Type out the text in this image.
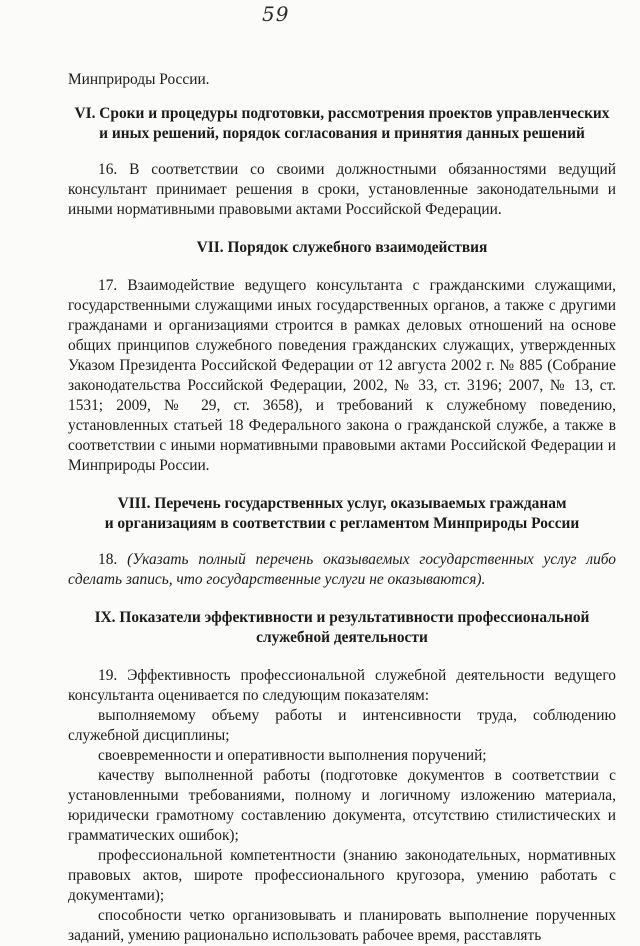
59

Минприроды России.

VI. Сроки и процедуры подготовки, рассмотрения проектов управленческих

и иных решений, порядок согласования и принятия данных решений

16. В соответствии со своими должностными обязанностями ведущий консультант принимает решения в сроки, установленные законодательными и иными нормативными правовыми актами Российской Федерации.

VII. Порядок служебного взаимодействия

17. Взаимодействие ведущего консультанта с гражданскими служащими, государственными служащими иных государственных органов, а также с другими гражданами и организациями строится в рамках деловых отношений на основе общих принципов служебного поведения гражданских служащих, утвержденных Указом Президента Российской Федерации от 12 августа 2002 г. № 885 (Собрание законодательства Российской Федерации, 2002, № 33, ст. 3196; 2007, № 13, ст. 1531; 2009, № 29, ст. 3658), и требований к служебному поведению, установленных статьей 18 Федерального закона о гражданской службе, а также в соответствии с иными нормативными правовыми актами Российской Федерации и Минприроды России.

VIII. Перечень государственных услуг, оказываемых гражданам

и организациям в соответствии с регламентом Минприроды России

18. (Указать полный перечень оказываемых государственных услуг либо сделать запись, что государственные услуги не оказываются).

IX. Показатели эффективности и результативности профессиональной

служебной деятельности

19. Эффективность профессиональной служебной деятельности ведущего консультанта оценивается по следующим показателям:

выполняемому объему работы и интенсивности труда, соблюдению служебной дисциплины;

своевременности и оперативности выполнения поручений;

качеству выполненной работы (подготовке документов в соответствии с установленными требованиями, полному и логичному изложению материала, юридически грамотному составлению документа, отсутствию стилистических и грамматических ошибок);

профессиональной компетентности (знанию законодательных, нормативных правовых актов, широте профессионального кругозора, умению работать с документами);

способности четко организовывать и планировать выполнение порученных заданий, умению рационально использовать рабочее время, расставлять
